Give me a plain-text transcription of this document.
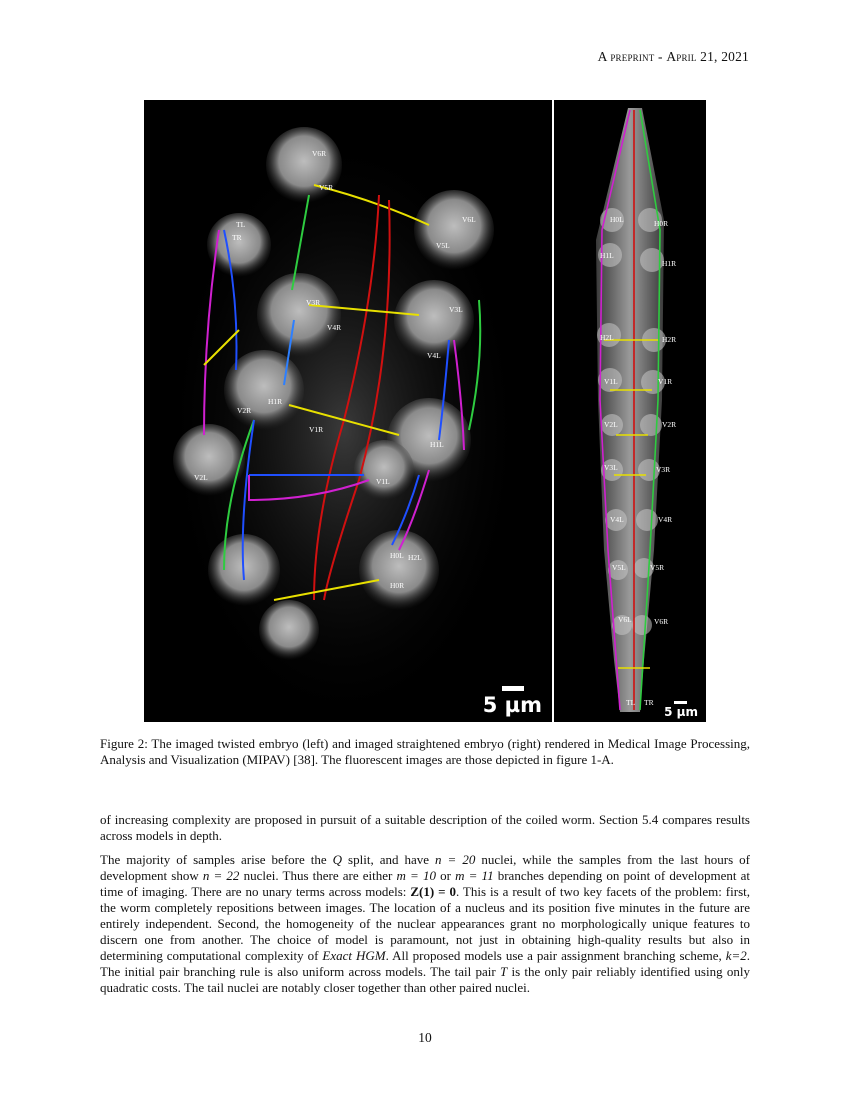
A preprint - April 21, 2021
V6R
V5R
V6L
V5L
TL
TR
V3R
V4R
V3L
V4L
H1R
V2R
V1R
H1L
V2L	V1L
H0L H2L
H0R
5 µm
H0L	H0R
H1L
H1R
H2L	H2R
V1L	V1R
V2L	V2R
V3L	V3R
V4L	V4R
V5L	V5R
V6L	V6R
TL TR
5 µm
Figure 2: The imaged twisted embryo (left) and imaged straightened embryo (right) rendered in Medical Image Processing, Analysis and Visualization (MIPAV) [38]. The fluorescent images are those depicted in figure 1-A.

of increasing complexity are proposed in pursuit of a suitable description of the coiled worm. Section 5.4 compares results across models in depth.

The majority of samples arise before the Q split, and have n = 20 nuclei, while the samples from the last hours of development show n = 22 nuclei. Thus there are either m = 10 or m = 11 branches depending on point of development at time of imaging. There are no unary terms across models: Z(1) = 0. This is a result of two key facets of the problem: first, the worm completely repositions between images. The location of a nucleus and its position five minutes in the future are entirely independent. Second, the homogeneity of the nuclear appearances grant no morphologically unique features to discern one from another. The choice of model is paramount, not just in obtaining high-quality results but also in determining computational complexity of Exact HGM. All proposed models use a pair assignment branching scheme, k=2. The initial pair branching rule is also uniform across models. The tail pair T is the only pair reliably identified using only quadratic costs. The tail nuclei are notably closer together than other paired nuclei.

10
